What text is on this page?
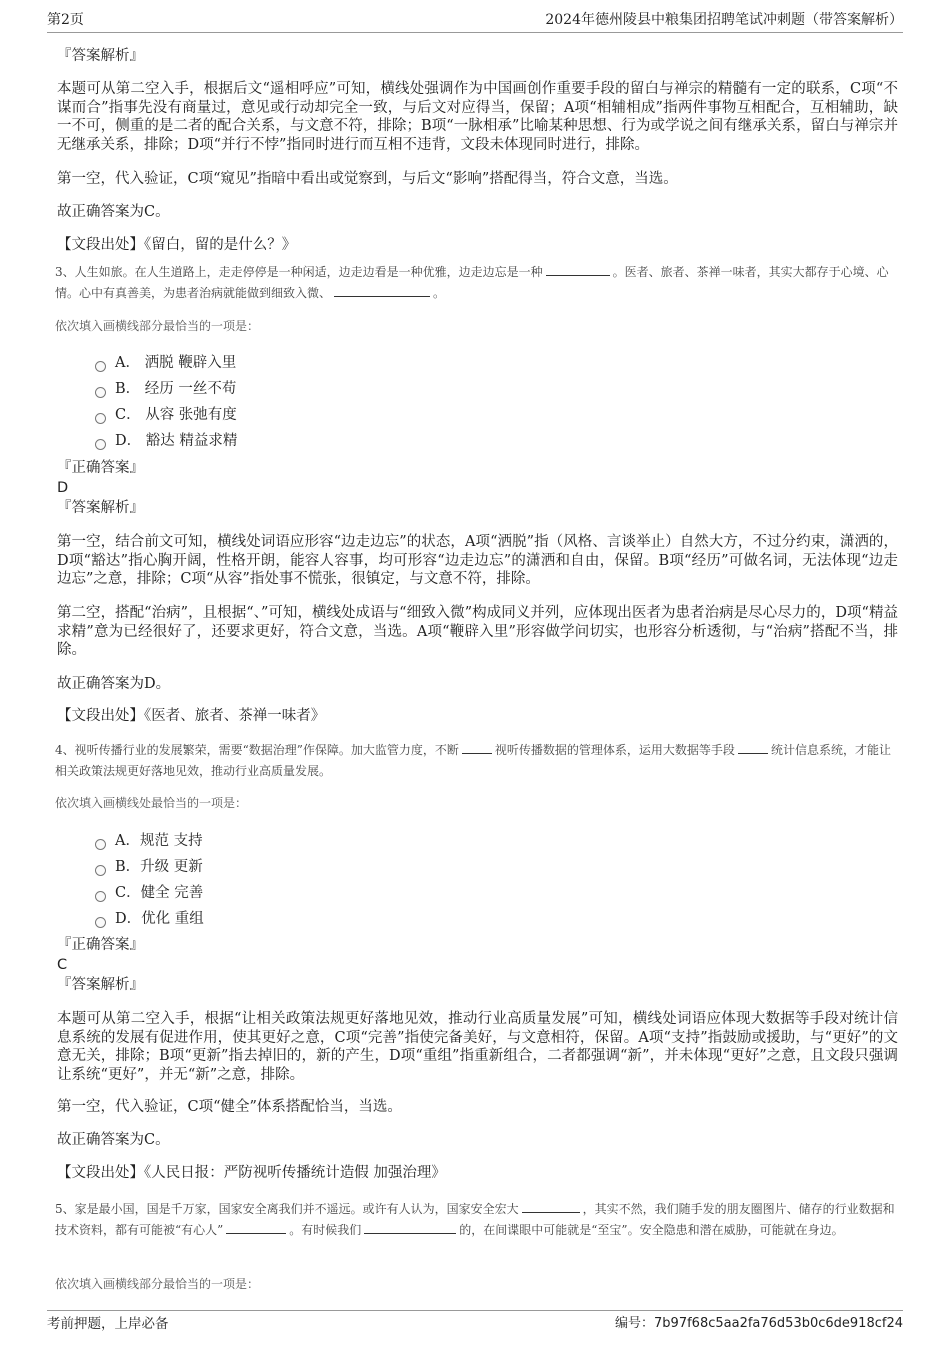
第2页	2024年德州陵县中粮集团招聘笔试冲刺题（带答案解析）

『答案解析』

本题可从第二空入手，根据后文“遥相呼应”可知，横线处强调作为中国画创作重要手段的留白与禅宗的精髓有一定的联系，C项“不谋而合”指事先没有商量过，意见或行动却完全一致，与后文对应得当，保留；A项“相辅相成”指两件事物互相配合，互相辅助，缺一不可，侧重的是二者的配合关系，与文意不符，排除；B项“一脉相承”比喻某种思想、行为或学说之间有继承关系，留白与禅宗并无继承关系，排除；D项“并行不悖”指同时进行而互相不违背，文段未体现同时进行，排除。

第一空，代入验证，C项“窥见”指暗中看出或觉察到，与后文“影响”搭配得当，符合文意，当选。

故正确答案为C。

【文段出处】《留白，留的是什么？》

3、人生如旅。在人生道路上，走走停停是一种闲适，边走边看是一种优雅，边走边忘是一种	。医者、旅者、茶禅一味者，其实大都存于心境、心情。心中有真善美，为患者治病就能做到细致入微、	。

依次填入画横线部分最恰当的一项是：

A． 洒脱 鞭辟入里
B． 经历 一丝不苟
C． 从容 张弛有度
D． 豁达 精益求精

『正确答案』

D

『答案解析』

第一空，结合前文可知，横线处词语应形容“边走边忘”的状态，A项“洒脱”指（风格、言谈举止）自然大方，不过分约束，潇洒的，D项“豁达”指心胸开阔，性格开朗，能容人容事，均可形容“边走边忘”的潇洒和自由，保留。B项“经历”可做名词，无法体现“边走边忘”之意，排除；C项“从容”指处事不慌张，很镇定，与文意不符，排除。

第二空，搭配“治病”，且根据“、”可知，横线处成语与“细致入微”构成同义并列，应体现出医者为患者治病是尽心尽力的，D项“精益求精”意为已经很好了，还要求更好，符合文意，当选。A项“鞭辟入里”形容做学问切实，也形容分析透彻，与“治病”搭配不当，排除。

故正确答案为D。

【文段出处】《医者、旅者、茶禅一味者》

4、视听传播行业的发展繁荣，需要“数据治理”作保障。加大监管力度，不断	视听传播数据的管理体系，运用大数据等手段	统计信息系统，才能让相关政策法规更好落地见效，推动行业高质量发展。

依次填入画横线处最恰当的一项是：

A．规范 支持
B．升级 更新
C．健全 完善
D．优化 重组

『正确答案』

C

『答案解析』

本题可从第二空入手，根据“让相关政策法规更好落地见效，推动行业高质量发展”可知，横线处词语应体现大数据等手段对统计信息系统的发展有促进作用，使其更好之意，C项“完善”指使完备美好，与文意相符，保留。A项“支持”指鼓励或援助，与“更好”的文意无关，排除；B项“更新”指去掉旧的，新的产生，D项“重组”指重新组合，二者都强调“新”，并未体现“更好”之意，且文段只强调让系统“更好”，并无“新”之意，排除。

第一空，代入验证，C项“健全”体系搭配恰当，当选。

故正确答案为C。

【文段出处】《人民日报：严防视听传播统计造假 加强治理》

5、家是最小国，国是千万家，国家安全离我们并不遥远。或许有人认为，国家安全宏大	，其实不然，我们随手发的朋友圈图片、储存的行业数据和技术资料，都有可能被“有心人”	。有时候我们	的，在间谍眼中可能就是“至宝”。安全隐患和潜在威胁，可能就在身边。

依次填入画横线部分最恰当的一项是：

考前押题，上岸必备	编号：7b97f68c5aa2fa76d53b0c6de918cf24
